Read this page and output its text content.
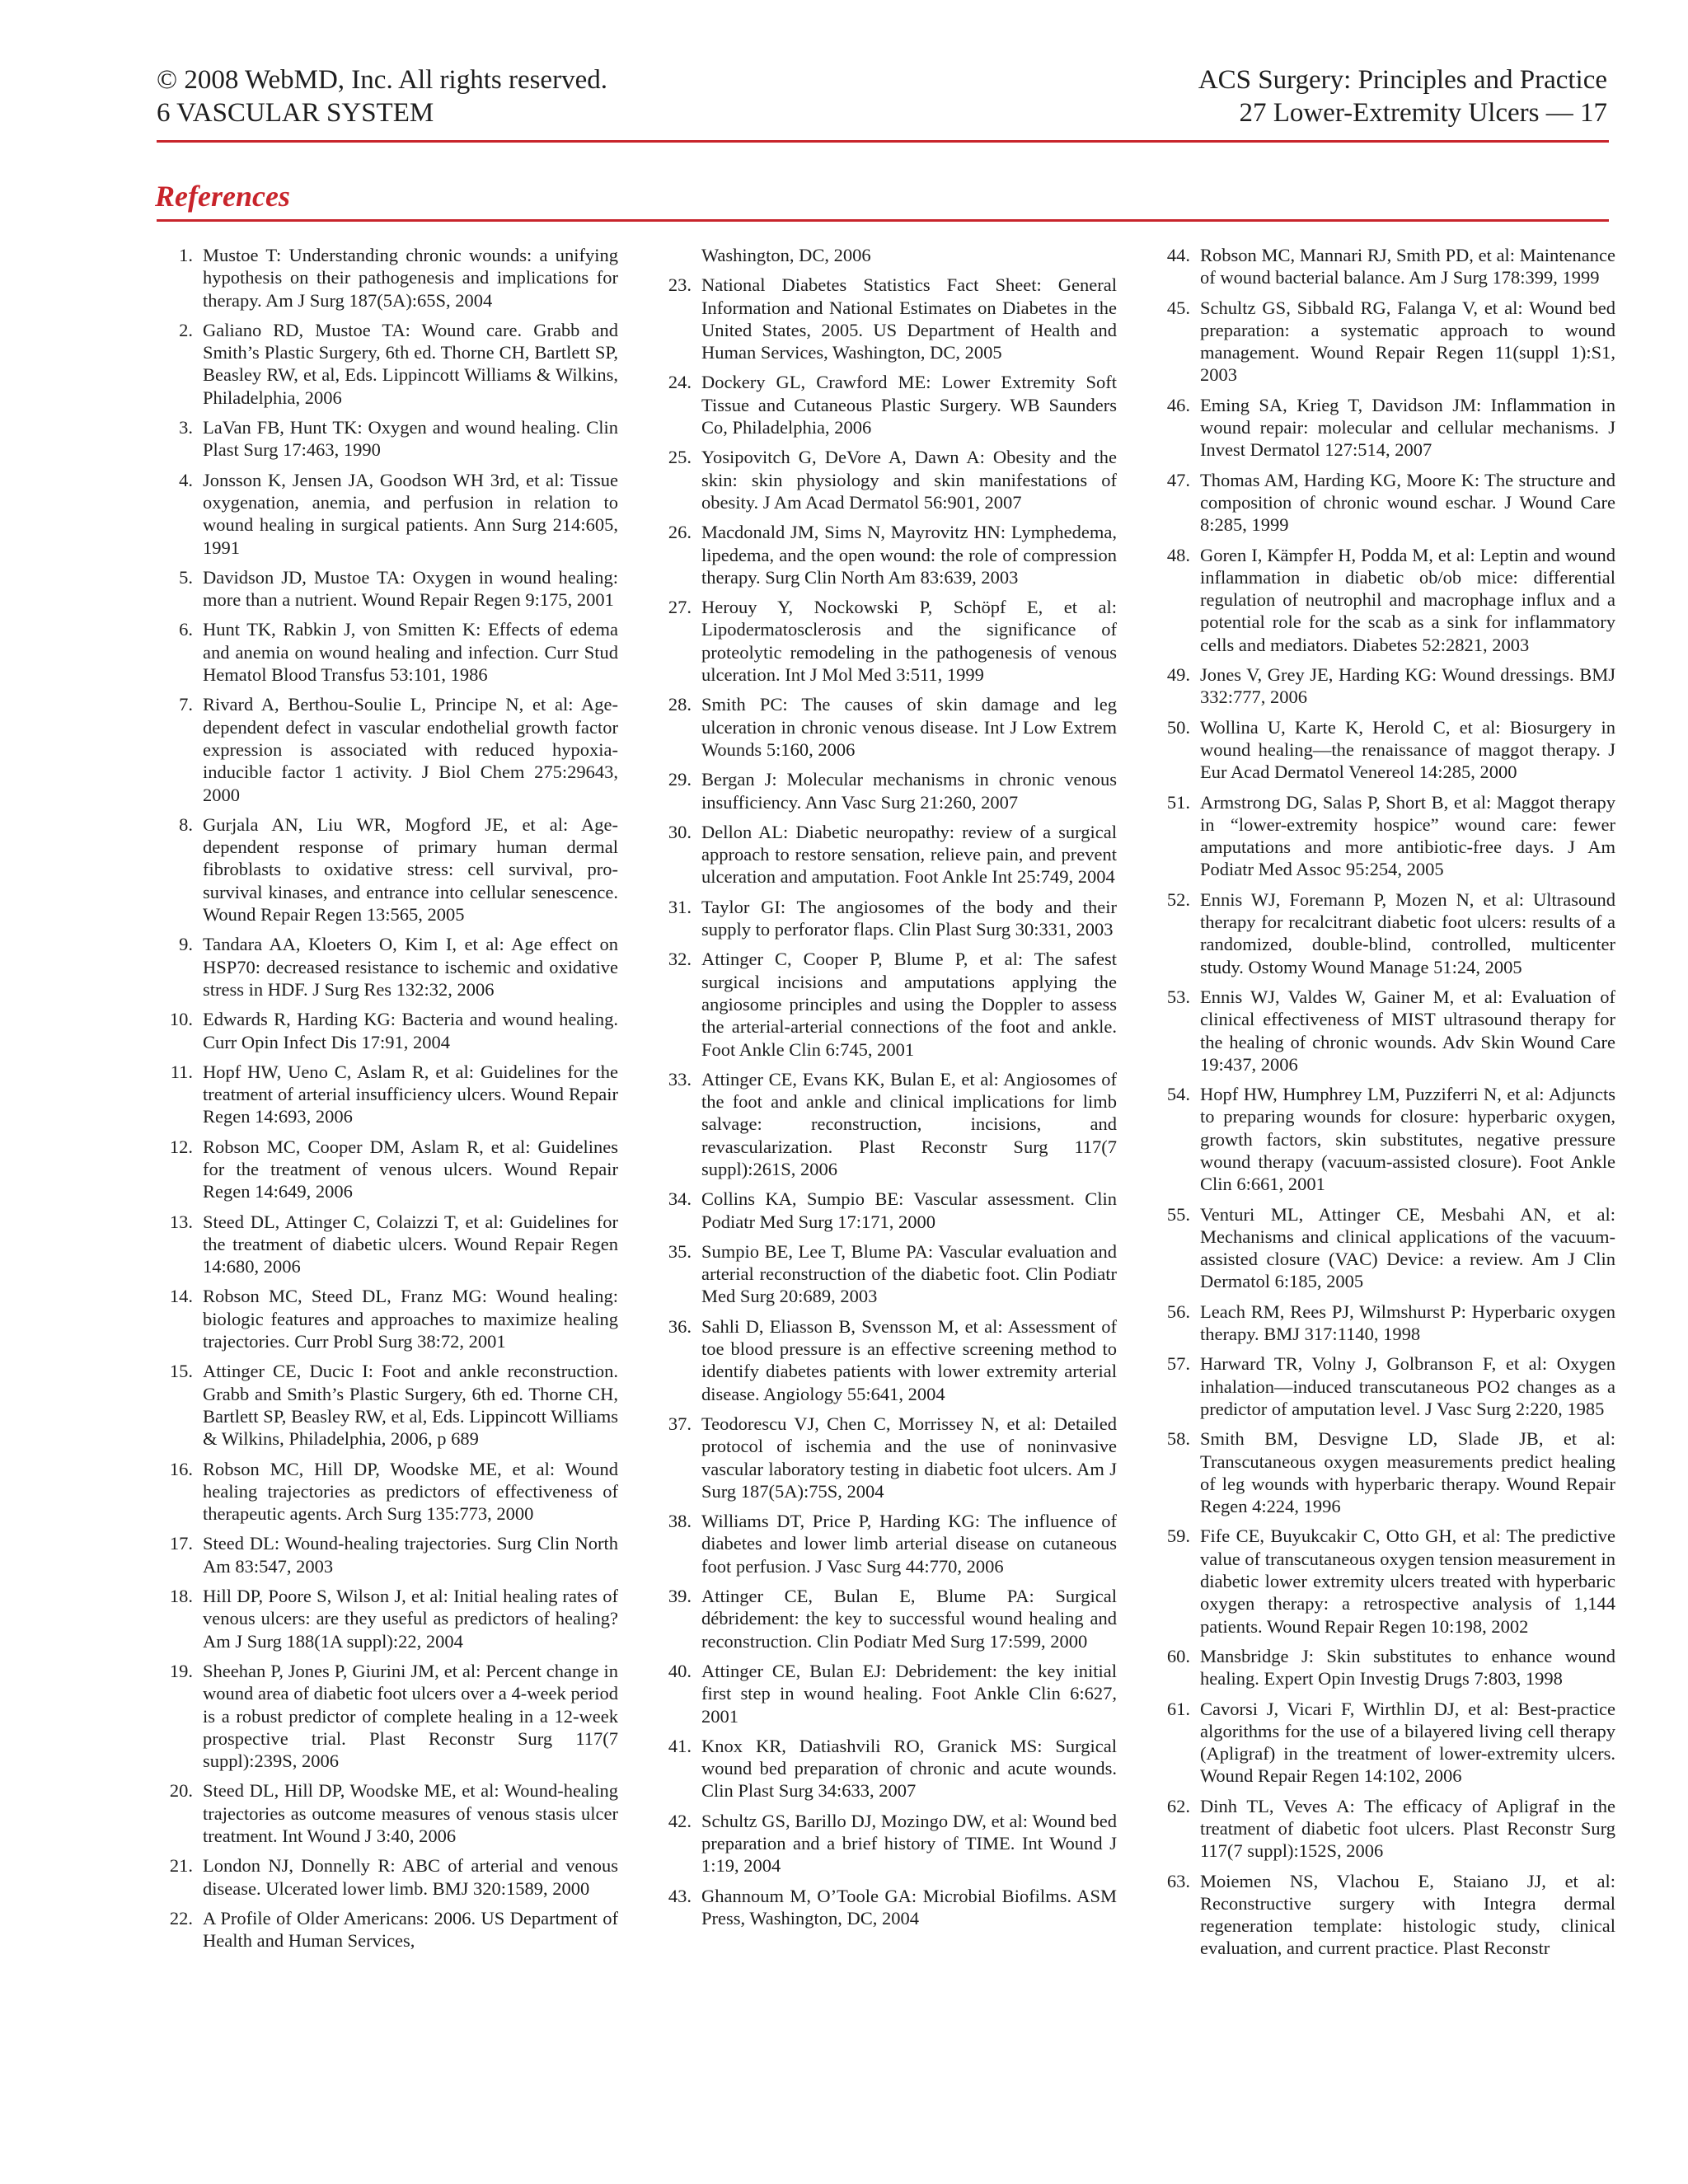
© 2008 WebMD, Inc. All rights reserved.
6 VASCULAR SYSTEM
ACS Surgery: Principles and Practice
27 Lower-Extremity Ulcers — 17
References
1. Mustoe T: Understanding chronic wounds: a unifying hypothesis on their pathogenesis and implications for therapy. Am J Surg 187(5A):65S, 2004
2. Galiano RD, Mustoe TA: Wound care. Grabb and Smith’s Plastic Surgery, 6th ed. Thorne CH, Bartlett SP, Beasley RW, et al, Eds. Lippincott Williams & Wilkins, Philadelphia, 2006
3. LaVan FB, Hunt TK: Oxygen and wound healing. Clin Plast Surg 17:463, 1990
4. Jonsson K, Jensen JA, Goodson WH 3rd, et al: Tissue oxygenation, anemia, and perfusion in relation to wound healing in surgical patients. Ann Surg 214:605, 1991
5. Davidson JD, Mustoe TA: Oxygen in wound healing: more than a nutrient. Wound Repair Regen 9:175, 2001
6. Hunt TK, Rabkin J, von Smitten K: Effects of edema and anemia on wound healing and infection. Curr Stud Hematol Blood Transfus 53:101, 1986
7. Rivard A, Berthou-Soulie L, Principe N, et al: Age-dependent defect in vascular endothelial growth factor expression is associated with reduced hypoxia-inducible factor 1 activity. J Biol Chem 275:29643, 2000
8. Gurjala AN, Liu WR, Mogford JE, et al: Age-dependent response of primary human dermal fibroblasts to oxidative stress: cell survival, pro-survival kinases, and entrance into cellular senescence. Wound Repair Regen 13:565, 2005
9. Tandara AA, Kloeters O, Kim I, et al: Age effect on HSP70: decreased resistance to ischemic and oxidative stress in HDF. J Surg Res 132:32, 2006
10. Edwards R, Harding KG: Bacteria and wound healing. Curr Opin Infect Dis 17:91, 2004
11. Hopf HW, Ueno C, Aslam R, et al: Guidelines for the treatment of arterial insufficiency ulcers. Wound Repair Regen 14:693, 2006
12. Robson MC, Cooper DM, Aslam R, et al: Guidelines for the treatment of venous ulcers. Wound Repair Regen 14:649, 2006
13. Steed DL, Attinger C, Colaizzi T, et al: Guidelines for the treatment of diabetic ulcers. Wound Repair Regen 14:680, 2006
14. Robson MC, Steed DL, Franz MG: Wound healing: biologic features and approaches to maximize healing trajectories. Curr Probl Surg 38:72, 2001
15. Attinger CE, Ducic I: Foot and ankle reconstruction. Grabb and Smith’s Plastic Surgery, 6th ed. Thorne CH, Bartlett SP, Beasley RW, et al, Eds. Lippincott Williams & Wilkins, Philadelphia, 2006, p 689
16. Robson MC, Hill DP, Woodske ME, et al: Wound healing trajectories as predictors of effectiveness of therapeutic agents. Arch Surg 135:773, 2000
17. Steed DL: Wound-healing trajectories. Surg Clin North Am 83:547, 2003
18. Hill DP, Poore S, Wilson J, et al: Initial healing rates of venous ulcers: are they useful as predictors of healing? Am J Surg 188(1A suppl):22, 2004
19. Sheehan P, Jones P, Giurini JM, et al: Percent change in wound area of diabetic foot ulcers over a 4-week period is a robust predictor of complete healing in a 12-week prospective trial. Plast Reconstr Surg 117(7 suppl):239S, 2006
20. Steed DL, Hill DP, Woodske ME, et al: Wound-healing trajectories as outcome measures of venous stasis ulcer treatment. Int Wound J 3:40, 2006
21. London NJ, Donnelly R: ABC of arterial and venous disease. Ulcerated lower limb. BMJ 320:1589, 2000
22. A Profile of Older Americans: 2006. US Department of Health and Human Services,
Washington, DC, 2006
23. National Diabetes Statistics Fact Sheet: General Information and National Estimates on Diabetes in the United States, 2005. US Department of Health and Human Services, Washington, DC, 2005
24. Dockery GL, Crawford ME: Lower Extremity Soft Tissue and Cutaneous Plastic Surgery. WB Saunders Co, Philadelphia, 2006
25. Yosipovitch G, DeVore A, Dawn A: Obesity and the skin: skin physiology and skin manifestations of obesity. J Am Acad Dermatol 56:901, 2007
26. Macdonald JM, Sims N, Mayrovitz HN: Lymphedema, lipedema, and the open wound: the role of compression therapy. Surg Clin North Am 83:639, 2003
27. Herouy Y, Nockowski P, Schöpf E, et al: Lipodermatosclerosis and the significance of proteolytic remodeling in the pathogenesis of venous ulceration. Int J Mol Med 3:511, 1999
28. Smith PC: The causes of skin damage and leg ulceration in chronic venous disease. Int J Low Extrem Wounds 5:160, 2006
29. Bergan J: Molecular mechanisms in chronic venous insufficiency. Ann Vasc Surg 21:260, 2007
30. Dellon AL: Diabetic neuropathy: review of a surgical approach to restore sensation, relieve pain, and prevent ulceration and amputation. Foot Ankle Int 25:749, 2004
31. Taylor GI: The angiosomes of the body and their supply to perforator flaps. Clin Plast Surg 30:331, 2003
32. Attinger C, Cooper P, Blume P, et al: The safest surgical incisions and amputations applying the angiosome principles and using the Doppler to assess the arterial-arterial connections of the foot and ankle. Foot Ankle Clin 6:745, 2001
33. Attinger CE, Evans KK, Bulan E, et al: Angiosomes of the foot and ankle and clinical implications for limb salvage: reconstruction, incisions, and revascularization. Plast Reconstr Surg 117(7 suppl):261S, 2006
34. Collins KA, Sumpio BE: Vascular assessment. Clin Podiatr Med Surg 17:171, 2000
35. Sumpio BE, Lee T, Blume PA: Vascular evaluation and arterial reconstruction of the diabetic foot. Clin Podiatr Med Surg 20:689, 2003
36. Sahli D, Eliasson B, Svensson M, et al: Assessment of toe blood pressure is an effective screening method to identify diabetes patients with lower extremity arterial disease. Angiology 55:641, 2004
37. Teodorescu VJ, Chen C, Morrissey N, et al: Detailed protocol of ischemia and the use of noninvasive vascular laboratory testing in diabetic foot ulcers. Am J Surg 187(5A):75S, 2004
38. Williams DT, Price P, Harding KG: The influence of diabetes and lower limb arterial disease on cutaneous foot perfusion. J Vasc Surg 44:770, 2006
39. Attinger CE, Bulan E, Blume PA: Surgical débridement: the key to successful wound healing and reconstruction. Clin Podiatr Med Surg 17:599, 2000
40. Attinger CE, Bulan EJ: Debridement: the key initial first step in wound healing. Foot Ankle Clin 6:627, 2001
41. Knox KR, Datiashvili RO, Granick MS: Surgical wound bed preparation of chronic and acute wounds. Clin Plast Surg 34:633, 2007
42. Schultz GS, Barillo DJ, Mozingo DW, et al: Wound bed preparation and a brief history of TIME. Int Wound J 1:19, 2004
43. Ghannoum M, O’Toole GA: Microbial Biofilms. ASM Press, Washington, DC, 2004
44. Robson MC, Mannari RJ, Smith PD, et al: Maintenance of wound bacterial balance. Am J Surg 178:399, 1999
45. Schultz GS, Sibbald RG, Falanga V, et al: Wound bed preparation: a systematic approach to wound management. Wound Repair Regen 11(suppl 1):S1, 2003
46. Eming SA, Krieg T, Davidson JM: Inflammation in wound repair: molecular and cellular mechanisms. J Invest Dermatol 127:514, 2007
47. Thomas AM, Harding KG, Moore K: The structure and composition of chronic wound eschar. J Wound Care 8:285, 1999
48. Goren I, Kämpfer H, Podda M, et al: Leptin and wound inflammation in diabetic ob/ob mice: differential regulation of neutrophil and macrophage influx and a potential role for the scab as a sink for inflammatory cells and mediators. Diabetes 52:2821, 2003
49. Jones V, Grey JE, Harding KG: Wound dressings. BMJ 332:777, 2006
50. Wollina U, Karte K, Herold C, et al: Biosurgery in wound healing—the renaissance of maggot therapy. J Eur Acad Dermatol Venereol 14:285, 2000
51. Armstrong DG, Salas P, Short B, et al: Maggot therapy in “lower-extremity hospice” wound care: fewer amputations and more antibiotic-free days. J Am Podiatr Med Assoc 95:254, 2005
52. Ennis WJ, Foremann P, Mozen N, et al: Ultrasound therapy for recalcitrant diabetic foot ulcers: results of a randomized, double-blind, controlled, multicenter study. Ostomy Wound Manage 51:24, 2005
53. Ennis WJ, Valdes W, Gainer M, et al: Evaluation of clinical effectiveness of MIST ultrasound therapy for the healing of chronic wounds. Adv Skin Wound Care 19:437, 2006
54. Hopf HW, Humphrey LM, Puzziferri N, et al: Adjuncts to preparing wounds for closure: hyperbaric oxygen, growth factors, skin substitutes, negative pressure wound therapy (vacuum-assisted closure). Foot Ankle Clin 6:661, 2001
55. Venturi ML, Attinger CE, Mesbahi AN, et al: Mechanisms and clinical applications of the vacuum-assisted closure (VAC) Device: a review. Am J Clin Dermatol 6:185, 2005
56. Leach RM, Rees PJ, Wilmshurst P: Hyperbaric oxygen therapy. BMJ 317:1140, 1998
57. Harward TR, Volny J, Golbranson F, et al: Oxygen inhalation—induced transcutaneous PO2 changes as a predictor of amputation level. J Vasc Surg 2:220, 1985
58. Smith BM, Desvigne LD, Slade JB, et al: Transcutaneous oxygen measurements predict healing of leg wounds with hyperbaric therapy. Wound Repair Regen 4:224, 1996
59. Fife CE, Buyukcakir C, Otto GH, et al: The predictive value of transcutaneous oxygen tension measurement in diabetic lower extremity ulcers treated with hyperbaric oxygen therapy: a retrospective analysis of 1,144 patients. Wound Repair Regen 10:198, 2002
60. Mansbridge J: Skin substitutes to enhance wound healing. Expert Opin Investig Drugs 7:803, 1998
61. Cavorsi J, Vicari F, Wirthlin DJ, et al: Best-practice algorithms for the use of a bilayered living cell therapy (Apligraf) in the treatment of lower-extremity ulcers. Wound Repair Regen 14:102, 2006
62. Dinh TL, Veves A: The efficacy of Apligraf in the treatment of diabetic foot ulcers. Plast Reconstr Surg 117(7 suppl):152S, 2006
63. Moiemen NS, Vlachou E, Staiano JJ, et al: Reconstructive surgery with Integra dermal regeneration template: histologic study, clinical evaluation, and current practice. Plast Reconstr
